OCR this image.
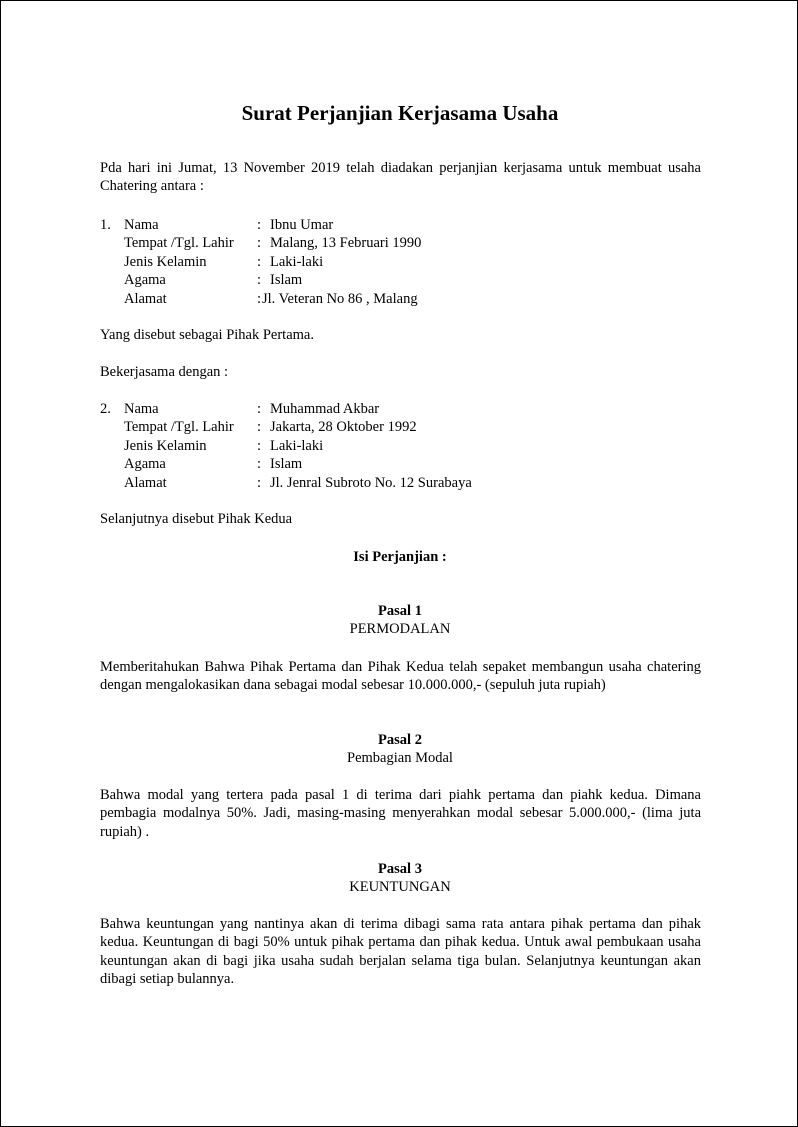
Surat Perjanjian Kerjasama Usaha
Pda hari ini Jumat, 13 November 2019 telah diadakan perjanjian kerjasama untuk membuat usaha Chatering antara :
1. Nama	: Ibnu Umar
Tempat /Tgl. Lahir : Malang, 13 Februari 1990
Jenis Kelamin	: Laki-laki
Agama	: Islam
Alamat	: Jl. Veteran No 86 , Malang
Yang disebut sebagai Pihak Pertama.
Bekerjasama dengan :
2. Nama	: Muhammad Akbar
Tempat /Tgl. Lahir : Jakarta, 28 Oktober 1992
Jenis Kelamin	: Laki-laki
Agama	: Islam
Alamat	: Jl. Jenral Subroto No. 12 Surabaya
Selanjutnya disebut Pihak Kedua
Isi Perjanjian :
Pasal 1
PERMODALAN
Memberitahukan Bahwa Pihak Pertama dan Pihak Kedua telah sepaket membangun usaha chatering dengan mengalokasikan dana sebagai modal sebesar 10.000.000,- (sepuluh juta rupiah)
Pasal 2
Pembagian Modal
Bahwa modal yang tertera pada pasal 1 di terima dari piahk pertama dan piahk kedua. Dimana pembagia modalnya 50%. Jadi, masing-masing menyerahkan modal sebesar 5.000.000,- (lima juta rupiah) .
Pasal 3
KEUNTUNGAN
Bahwa keuntungan yang nantinya akan di terima dibagi sama rata antara pihak pertama dan pihak kedua. Keuntungan di bagi 50% untuk pihak pertama dan pihak kedua. Untuk awal pembukaan usaha keuntungan akan di bagi jika usaha sudah berjalan selama tiga bulan. Selanjutnya keuntungan akan dibagi setiap bulannya.
